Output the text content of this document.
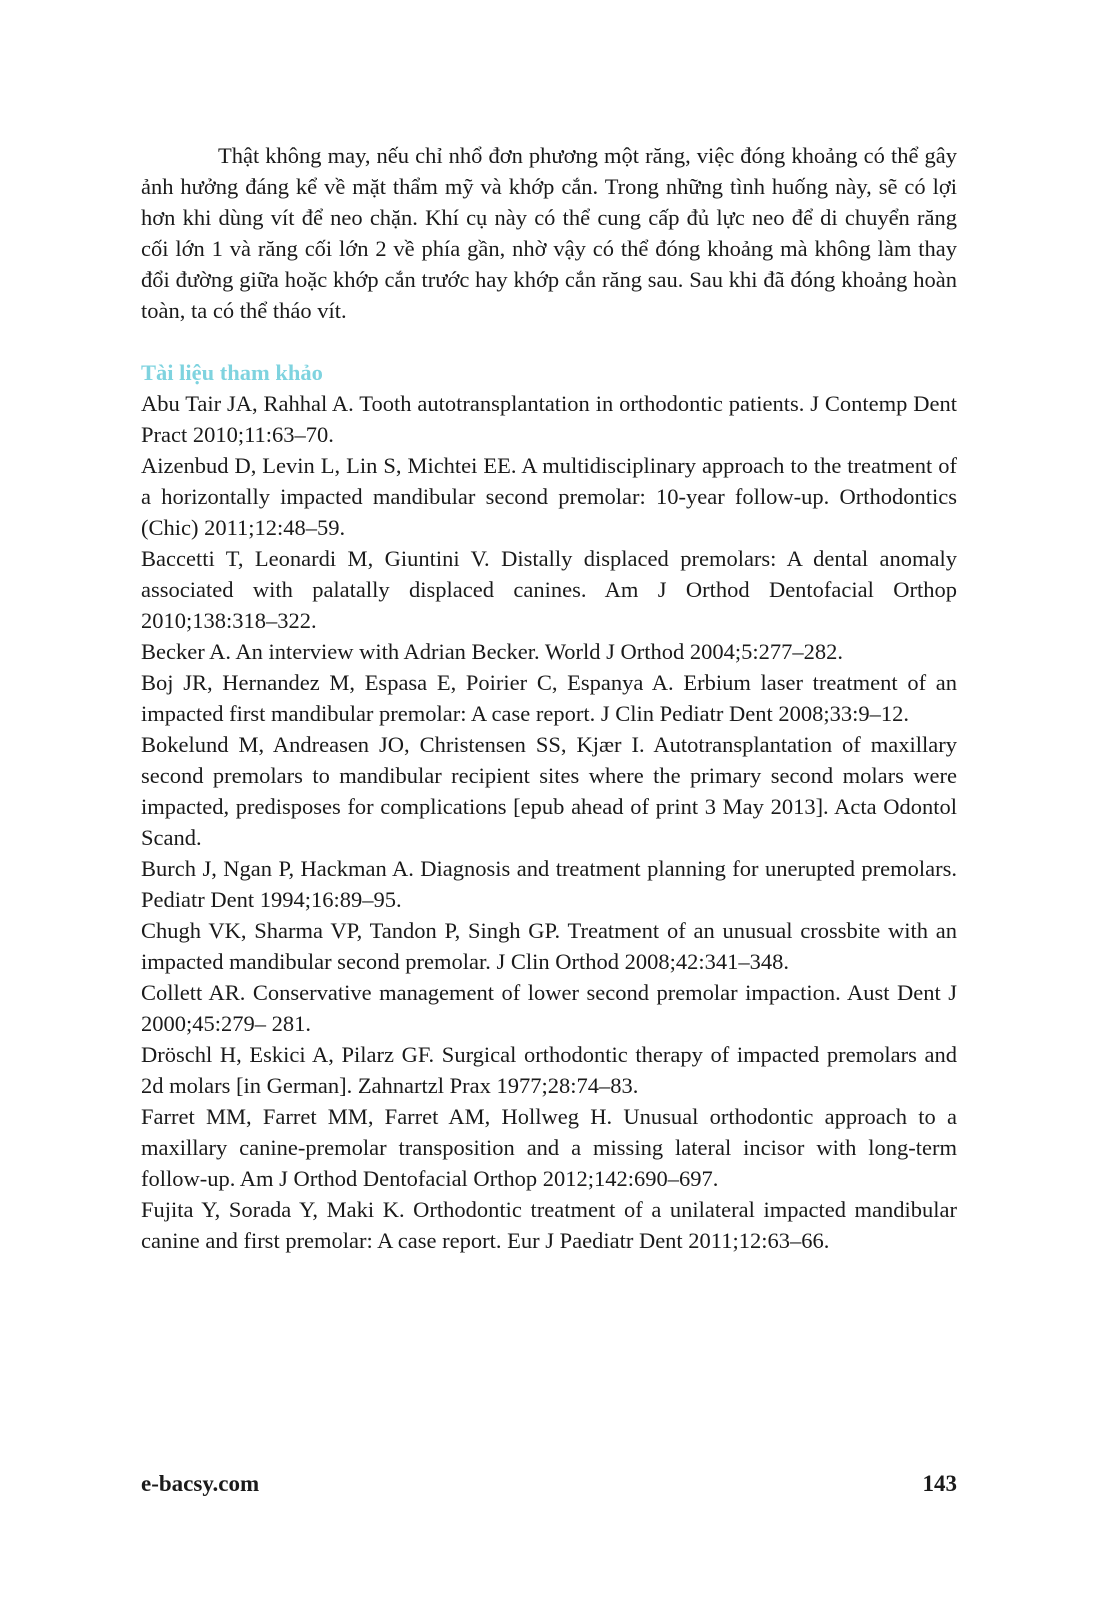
Thật không may, nếu chỉ nhổ đơn phương một răng, việc đóng khoảng có thể gây ảnh hưởng đáng kể về mặt thẩm mỹ và khớp cắn. Trong những tình huống này, sẽ có lợi hơn khi dùng vít để neo chặn. Khí cụ này có thể cung cấp đủ lực neo để di chuyển răng cối lớn 1 và răng cối lớn 2 về phía gần, nhờ vậy có thể đóng khoảng mà không làm thay đổi đường giữa hoặc khớp cắn trước hay khớp cắn răng sau. Sau khi đã đóng khoảng hoàn toàn, ta có thể tháo vít.

Tài liệu tham khảo
Abu Tair JA, Rahhal A. Tooth autotransplantation in orthodontic patients. J Contemp Dent Pract 2010;11:63–70.
Aizenbud D, Levin L, Lin S, Michtei EE. A multidisciplinary approach to the treatment of a horizontally impacted mandibular second premolar: 10-year follow-up. Orthodontics (Chic) 2011;12:48–59.
Baccetti T, Leonardi M, Giuntini V. Distally displaced premolars: A dental anomaly associated with palatally displaced canines. Am J Orthod Dentofacial Orthop 2010;138:318–322.
Becker A. An interview with Adrian Becker. World J Orthod 2004;5:277–282.
Boj JR, Hernandez M, Espasa E, Poirier C, Espanya A. Erbium laser treatment of an impacted first mandibular premolar: A case report. J Clin Pediatr Dent 2008;33:9–12.
Bokelund M, Andreasen JO, Christensen SS, Kjær I. Autotransplantation of maxillary second premolars to mandibular recipient sites where the primary second molars were impacted, predisposes for complications [epub ahead of print 3 May 2013]. Acta Odontol Scand.
Burch J, Ngan P, Hackman A. Diagnosis and treatment planning for unerupted premolars. Pediatr Dent 1994;16:89–95.
Chugh VK, Sharma VP, Tandon P, Singh GP. Treatment of an unusual crossbite with an impacted mandibular second premolar. J Clin Orthod 2008;42:341–348.
Collett AR. Conservative management of lower second premolar impaction. Aust Dent J 2000;45:279– 281.
Dröschl H, Eskici A, Pilarz GF. Surgical orthodontic therapy of impacted premolars and 2d molars [in German]. Zahnartzl Prax 1977;28:74–83.
Farret MM, Farret MM, Farret AM, Hollweg H. Unusual orthodontic approach to a maxillary canine-premolar transposition and a missing lateral incisor with long-term follow-up. Am J Orthod Dentofacial Orthop 2012;142:690–697.
Fujita Y, Sorada Y, Maki K. Orthodontic treatment of a unilateral impacted mandibular canine and first premolar: A case report. Eur J Paediatr Dent 2011;12:63–66.
e-bacsy.com	143
